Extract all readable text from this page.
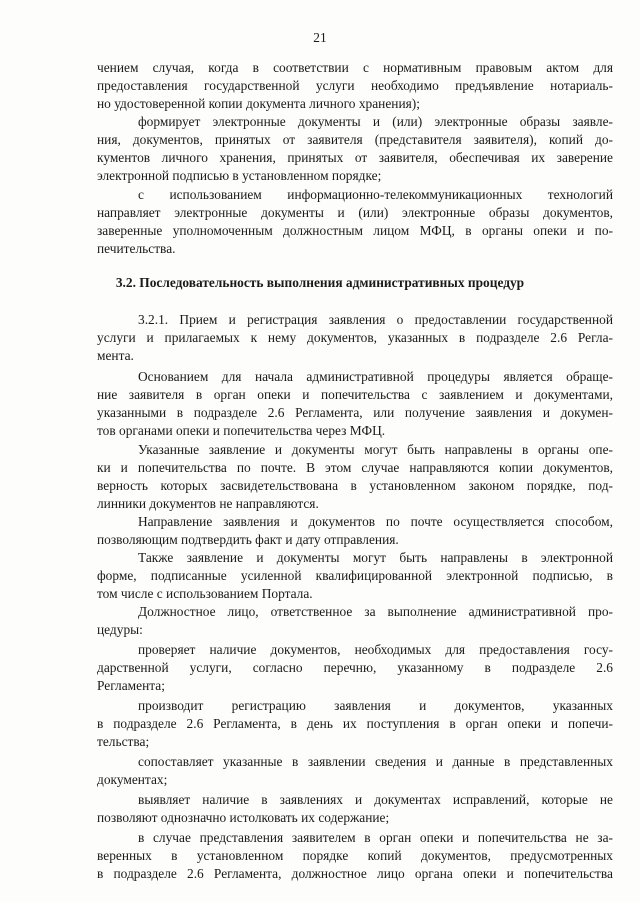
21
чением случая, когда в соответствии с нормативным правовым актом для
предоставления государственной услуги необходимо предъявление нотариаль-
но удостоверенной копии документа личного хранения);
формирует электронные документы и (или) электронные образы заявле-
ния, документов, принятых от заявителя (представителя заявителя), копий до-
кументов личного хранения, принятых от заявителя, обеспечивая их заверение
электронной подписью в установленном порядке;
с использованием информационно-телекоммуникационных технологий
направляет электронные документы и (или) электронные образы документов,
заверенные уполномоченным должностным лицом МФЦ, в органы опеки и по-
печительства.
3.2. Последовательность выполнения административных процедур
3.2.1. Прием и регистрация заявления о предоставлении государственной
услуги и прилагаемых к нему документов, указанных в подразделе 2.6 Регла-
мента.
Основанием для начала административной процедуры является обраще-
ние заявителя в орган опеки и попечительства с заявлением и документами,
указанными в подразделе 2.6 Регламента, или получение заявления и докумен-
тов органами опеки и попечительства через МФЦ.
Указанные заявление и документы могут быть направлены в органы опе-
ки и попечительства по почте. В этом случае направляются копии документов,
верность которых засвидетельствована в установленном законом порядке, под-
линники документов не направляются.
Направление заявления и документов по почте осуществляется способом,
позволяющим подтвердить факт и дату отправления.
Также заявление и документы могут быть направлены в электронной
форме, подписанные усиленной квалифицированной электронной подписью, в
том числе с использованием Портала.
Должностное лицо, ответственное за выполнение административной про-
цедуры:
проверяет наличие документов, необходимых для предоставления госу-
дарственной услуги, согласно перечню, указанному в подразделе 2.6
Регламента;
производит регистрацию заявления и документов, указанных
в подразделе 2.6 Регламента, в день их поступления в орган опеки и попечи-
тельства;
сопоставляет указанные в заявлении сведения и данные в представленных
документах;
выявляет наличие в заявлениях и документах исправлений, которые не
позволяют однозначно истолковать их содержание;
в случае представления заявителем в орган опеки и попечительства не за-
веренных в установленном порядке копий документов, предусмотренных
в подразделе 2.6 Регламента, должностное лицо органа опеки и попечительства
